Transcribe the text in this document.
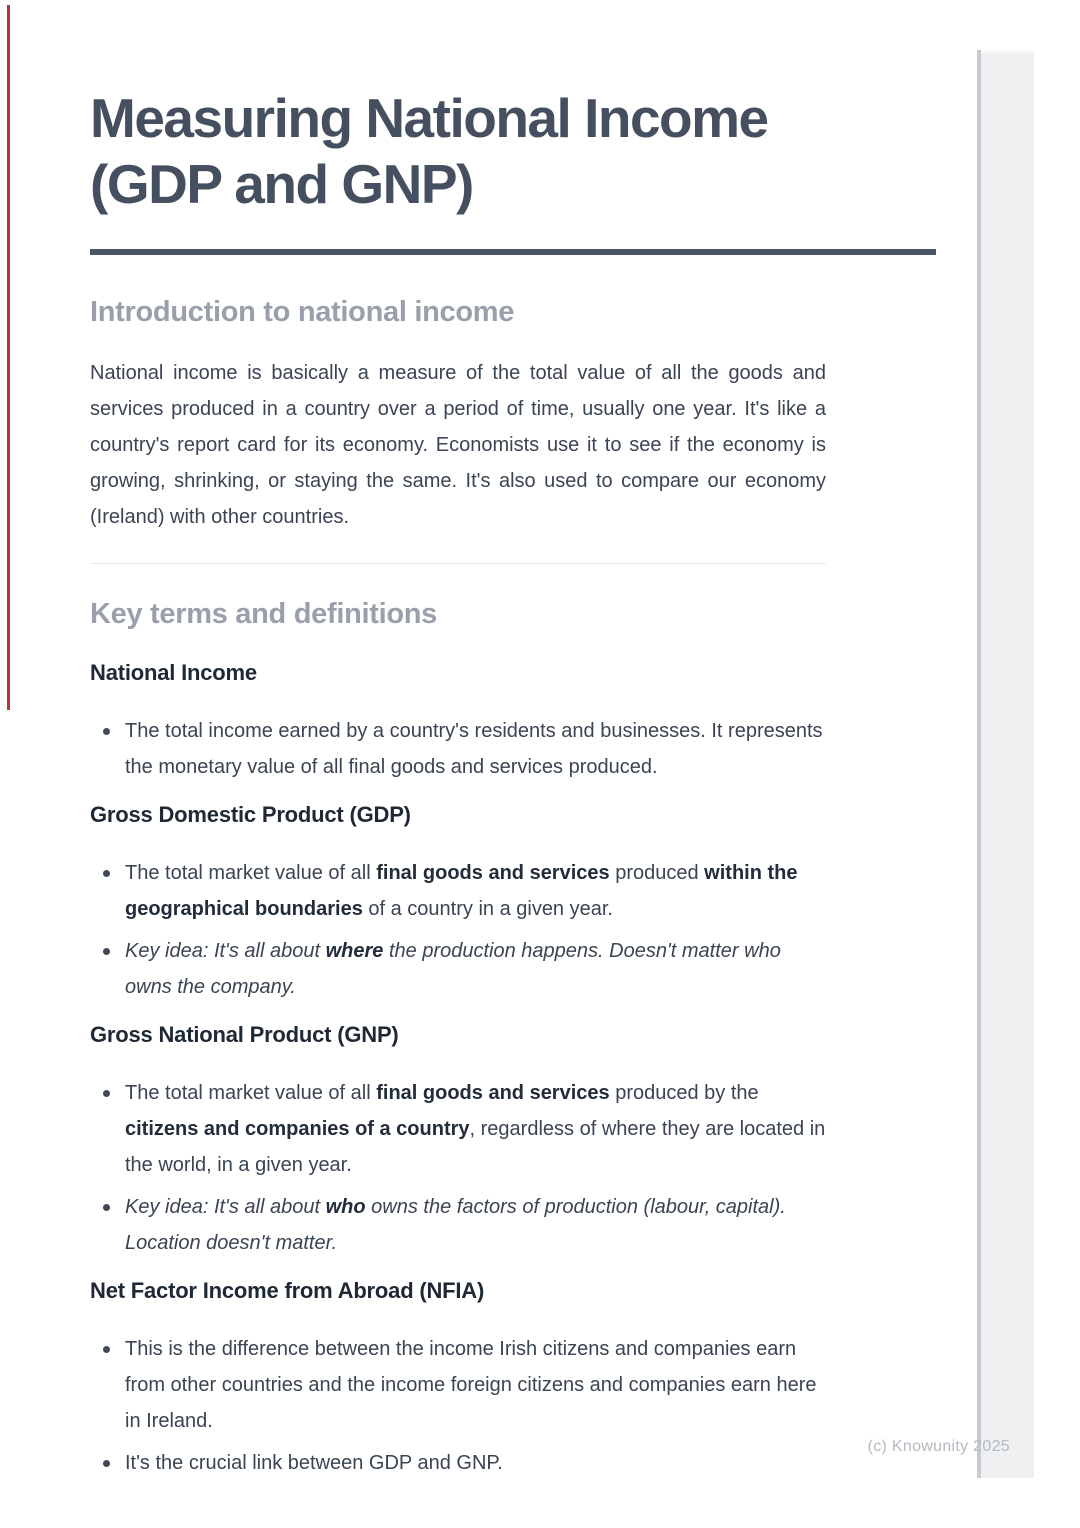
Measuring National Income
(GDP and GNP)
Introduction to national income

National income is basically a measure of the total value of all the goods and services produced in a country over a period of time, usually one year. It's like a country's report card for its economy. Economists use it to see if the economy is growing, shrinking, or staying the same. It's also used to compare our economy (Ireland) with other countries.

Key terms and definitions
National Income
The total income earned by a country's residents and businesses. It represents the monetary value of all final goods and services produced.
Gross Domestic Product (GDP)
The total market value of all final goods and services produced within the geographical boundaries of a country in a given year.
Key idea: It's all about where the production happens. Doesn't matter who owns the company.
Gross National Product (GNP)
The total market value of all final goods and services produced by the citizens and companies of a country, regardless of where they are located in the world, in a given year.
Key idea: It's all about who owns the factors of production (labour, capital). Location doesn't matter.
Net Factor Income from Abroad (NFIA)
This is the difference between the income Irish citizens and companies earn from other countries and the income foreign citizens and companies earn here in Ireland.
It's the crucial link between GDP and GNP.
(c) Knowunity 2025
